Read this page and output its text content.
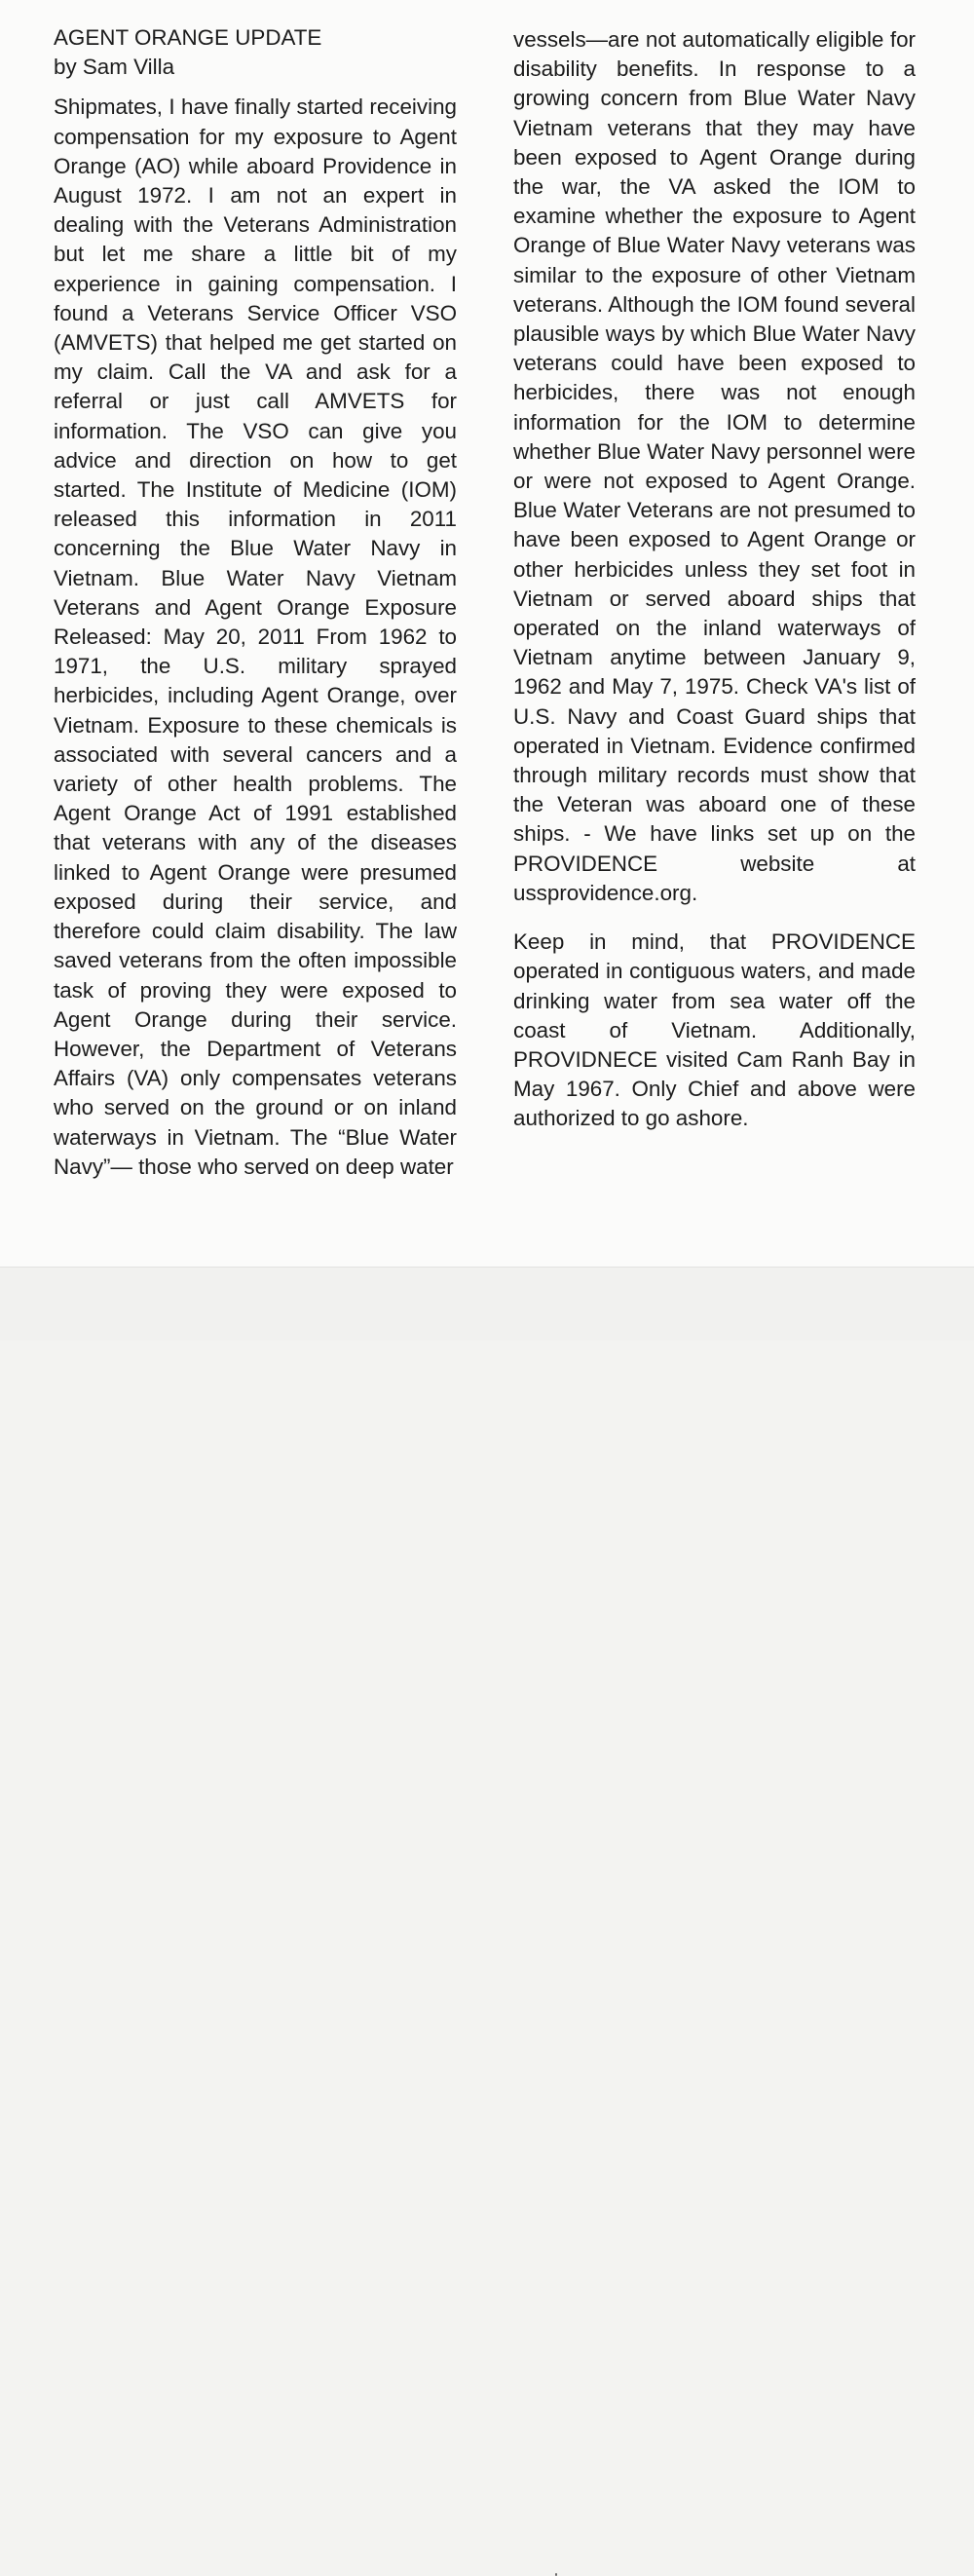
AGENT ORANGE UPDATE

by Sam Villa

Shipmates, I have finally started receiving compensation for my exposure to Agent Orange (AO) while aboard Providence in August 1972. I am not an expert in dealing with the Veterans Administration but let me share a little bit of my experience in gaining compensation. I found a Veterans Service Officer VSO (AMVETS) that helped me get started on my claim. Call the VA and ask for a referral or just call AMVETS for information. The VSO can give you advice and direction on how to get started. The Institute of Medicine (IOM) released this information in 2011 concerning the Blue Water Navy in Vietnam. Blue Water Navy Vietnam Veterans and Agent Orange Exposure Released: May 20, 2011 From 1962 to 1971, the U.S. military sprayed herbicides, including Agent Orange, over Vietnam. Exposure to these chemicals is associated with several cancers and a variety of other health problems. The Agent Orange Act of 1991 established that veterans with any of the diseases linked to Agent Orange were presumed exposed during their service, and therefore could claim disability. The law saved veterans from the often impossible task of proving they were exposed to Agent Orange during their service. However, the Department of Veterans Affairs (VA) only compensates veterans who served on the ground or on inland waterways in Vietnam. The “Blue Water Navy”— those who served on deep water

vessels—are not automatically eligible for disability benefits. In response to a growing concern from Blue Water Navy Vietnam veterans that they may have been exposed to Agent Orange during the war, the VA asked the IOM to examine whether the exposure to Agent Orange of Blue Water Navy veterans was similar to the exposure of other Vietnam veterans. Although the IOM found several plausible ways by which Blue Water Navy veterans could have been exposed to herbicides, there was not enough information for the IOM to determine whether Blue Water Navy personnel were or were not exposed to Agent Orange. Blue Water Veterans are not presumed to have been exposed to Agent Orange or other herbicides unless they set foot in Vietnam or served aboard ships that operated on the inland waterways of Vietnam anytime between January 9, 1962 and May 7, 1975. Check VA's list of U.S. Navy and Coast Guard ships that operated in Vietnam. Evidence confirmed through military records must show that the Veteran was aboard one of these ships. - We have links set up on the PROVIDENCE website at ussprovidence.org.

Keep in mind, that PROVIDENCE operated in contiguous waters, and made drinking water from sea water off the coast of Vietnam. Additionally, PROVIDNECE visited Cam Ranh Bay in May 1967. Only Chief and above were authorized to go ashore.
